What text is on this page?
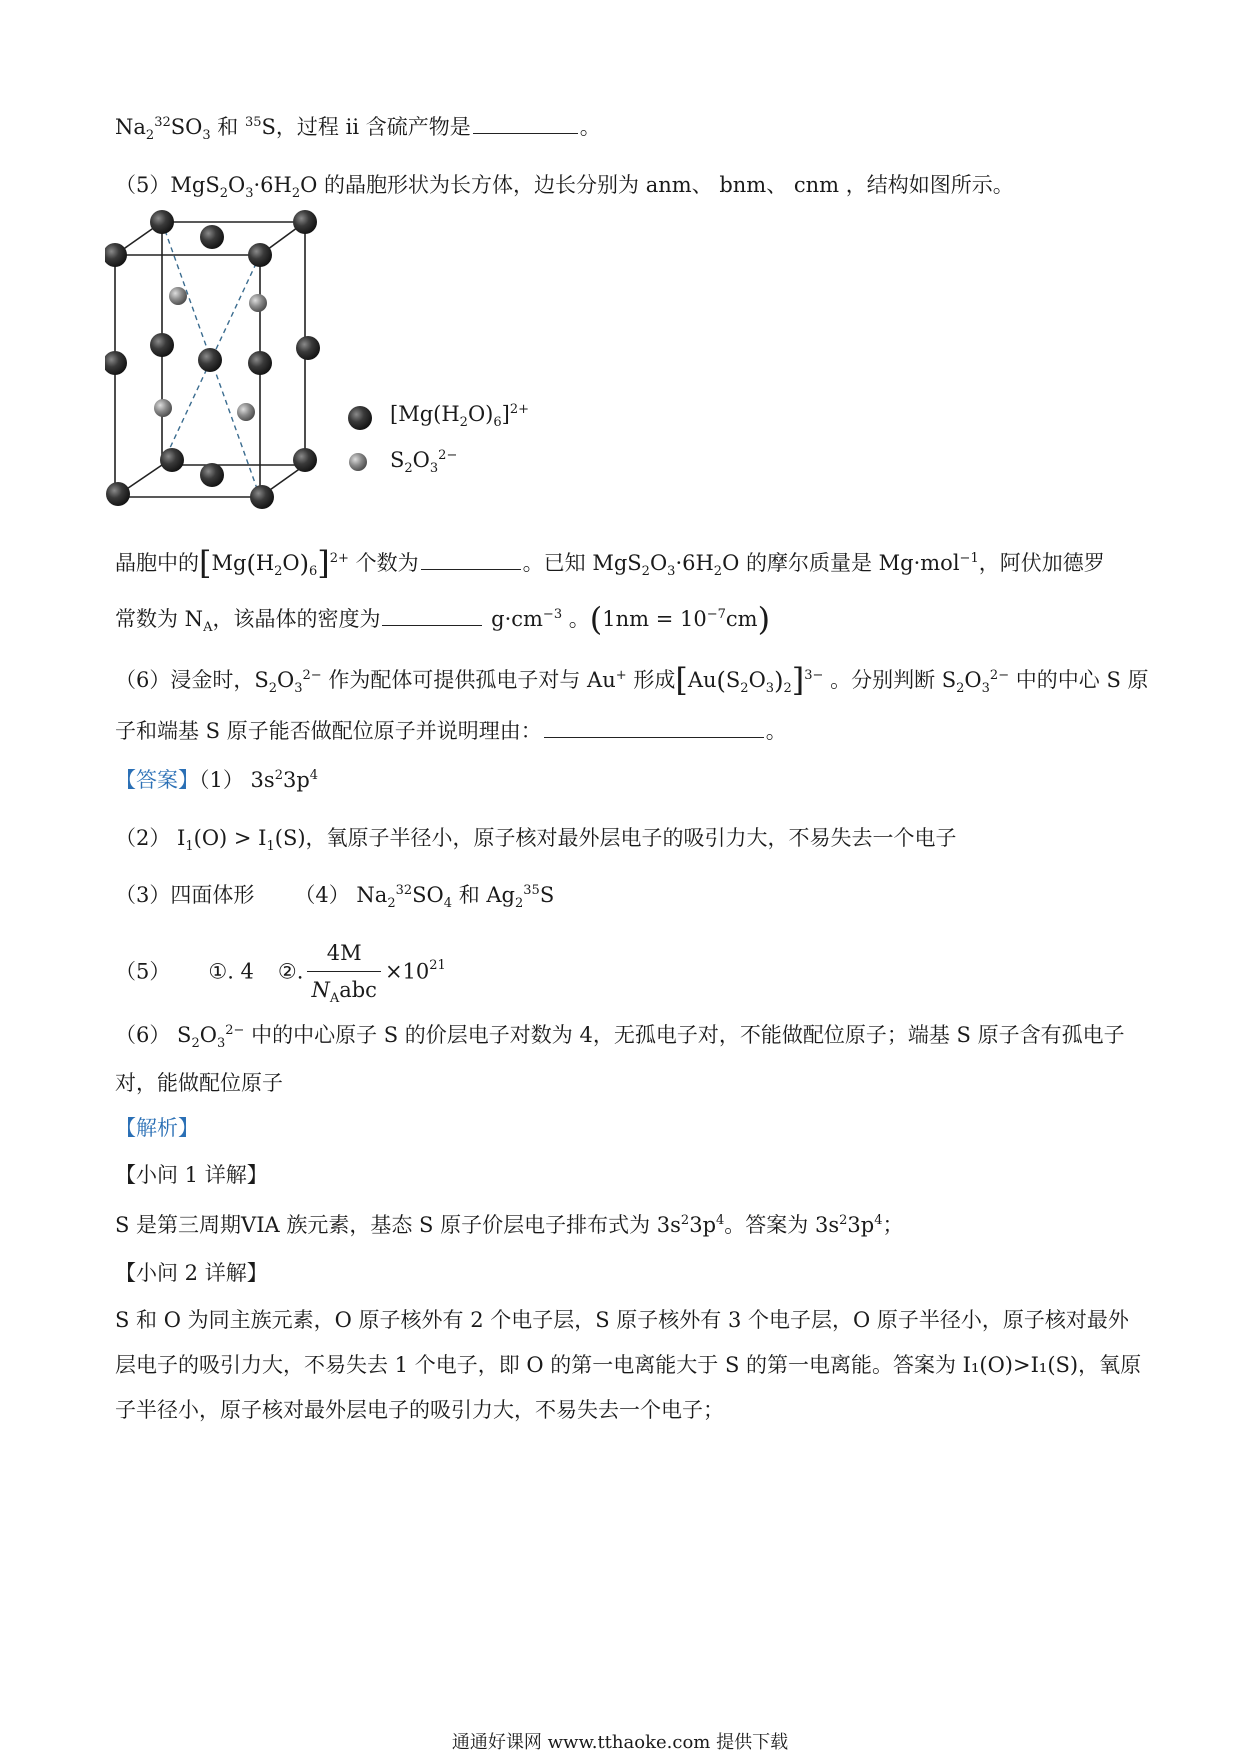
$Na_2^{32}SO_3$ 和 $^{35}$S，过程 ii 含硫产物是	。
$(5)MgS_2O_3\cdot 6H_2O$ 的晶胞形状为长方体，边长分别为 anm、 bnm、 cnm ，结构如图所示。
$[Mg(H_2O)_6]^{2+}$
$S_2O_3^{2-}$
晶胞中的$[Mg(H_2O)_6]^{2+}$ 个数为	。已知 $MgS_2O_3\cdot 6H_2O$ 的摩尔质量是 Mg·mol$^{-1}$，阿伏加德罗
常数为 $N_A$，该晶体的密度为	$g\cdot cm^{-3}$ 。$(1nm = 10^{-7}cm)$
（6）浸金时，$S_2O_3^{2-}$ 作为配体可提供孤电子对与 Au+ 形成$[Au(S_2O_3)_2]^{3-}$ 。分别判断 $S_2O_3^{2-}$ 中的中心 S 原
子和端基 S 原子能否做配位原子并说明理由：	。
【答案】（1） $3s^23p^4$
（2） $I_1(O) > I_1(S)$，氧原子半径小，原子核对最外层电子的吸引力大，不易失去一个电子
（3）四面体形 （4） $Na_2^{32}SO_4$ 和 $Ag_2^{35}S$
（5） ①. 4 ②. $\frac{4M}{N_Aabc} \times 10^{21}$
（6） $S_2O_3^{2-}$ 中的中心原子 S 的价层电子对数为 4，无孤电子对，不能做配位原子；端基 S 原子含有孤电子
对，能做配位原子
【解析】
【小问 1 详解】
S 是第三周期VIA 族元素，基态 S 原子价层电子排布式为 $3s^23p^4$。答案为 $3s^23p^4$；
【小问 2 详解】
S 和 O 为同主族元素，O 原子核外有 2 个电子层，S 原子核外有 3 个电子层，O 原子半径小，原子核对最外
层电子的吸引力大，不易失去 1 个电子，即 O 的第一电离能大于 S 的第一电离能。答案为 I₁(O)>I₁(S)，氧原
子半径小，原子核对最外层电子的吸引力大，不易失去一个电子；
通通好课网 www.tthaoke.com 提供下载
